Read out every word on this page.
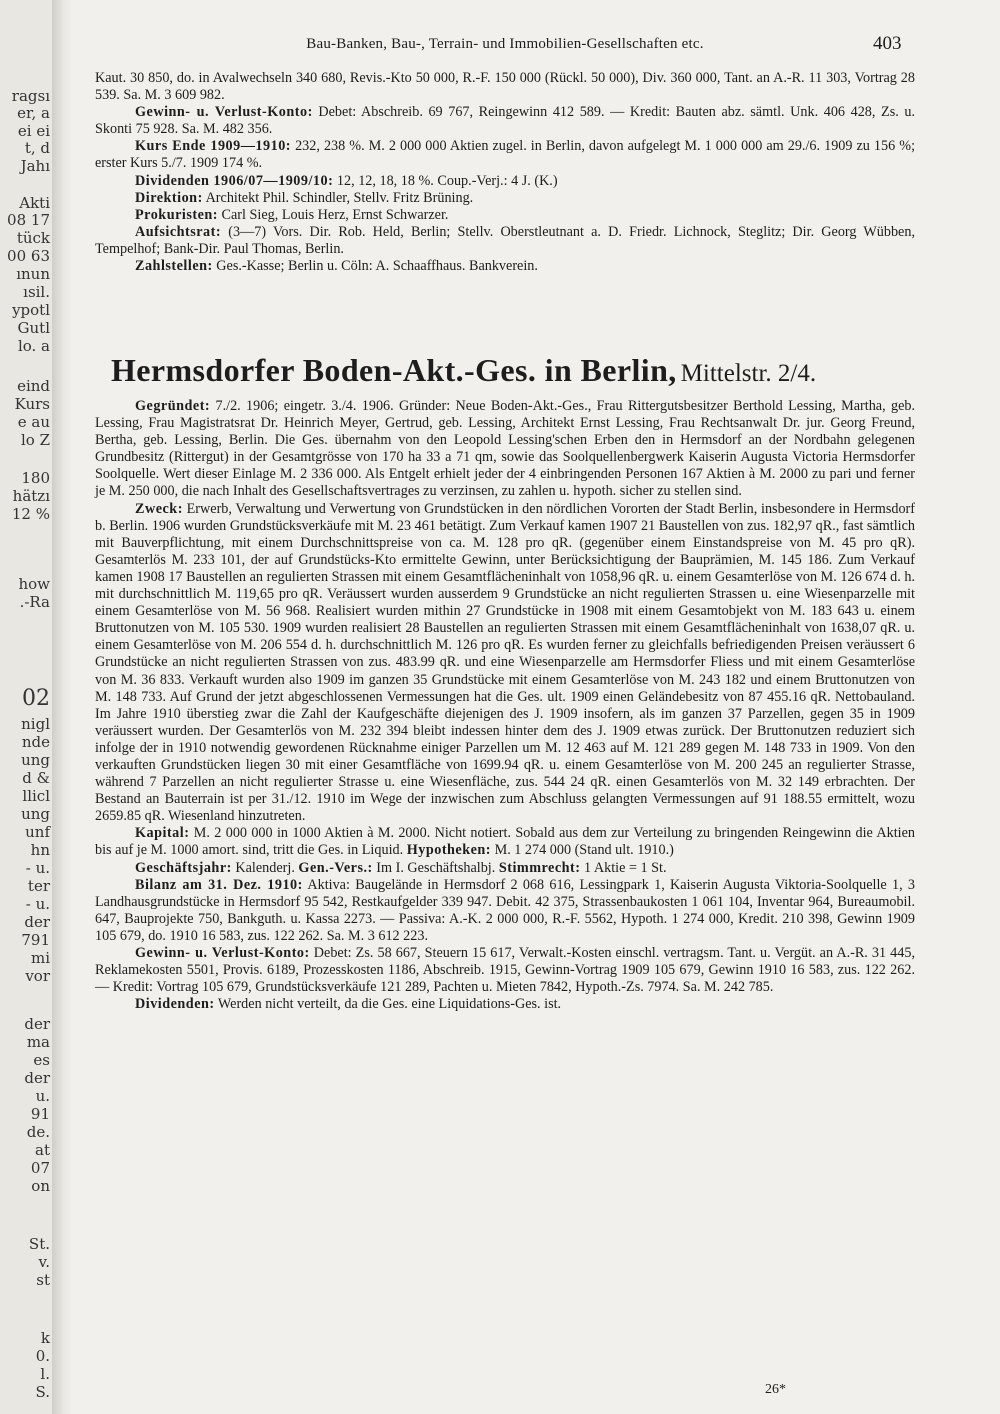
ragsı
er, a
ei ei
t, d
Jahı
Akti
08 17
tück
00 63
ınun
ısil.
ypotl
Gutl
lo. a
eind
Kurs
e au
lo Z
180
hätzı
12 %
how
.-Ra
02
nigl
nde
ung
d &
llicl
ung
unf
hn
- u.
ter
- u.
der
791
mi
vor
der
ma
es
der
u.
91
de.
at
07
on
St.
v.
st
k
0.
l.
S.
Bau-Banken, Bau-, Terrain- und Immobilien-Gesellschaften etc.	403

Kaut. 30 850, do. in Avalwechseln 340 680, Revis.-Kto 50 000, R.-F. 150 000 (Rückl. 50 000), Div. 360 000, Tant. an A.-R. 11 303, Vortrag 28 539. Sa. M. 3 609 982.

Gewinn- u. Verlust-Konto: Debet: Abschreib. 69 767, Reingewinn 412 589. — Kredit: Bauten abz. sämtl. Unk. 406 428, Zs. u. Skonti 75 928. Sa. M. 482 356.

Kurs Ende 1909—1910: 232, 238 %. M. 2 000 000 Aktien zugel. in Berlin, davon aufgelegt M. 1 000 000 am 29./6. 1909 zu 156 %; erster Kurs 5./7. 1909 174 %.

Dividenden 1906/07—1909/10: 12, 12, 18, 18 %. Coup.-Verj.: 4 J. (K.)

Direktion: Architekt Phil. Schindler, Stellv. Fritz Brüning.

Prokuristen: Carl Sieg, Louis Herz, Ernst Schwarzer.

Aufsichtsrat: (3—7) Vors. Dir. Rob. Held, Berlin; Stellv. Oberstleutnant a. D. Friedr. Lichnock, Steglitz; Dir. Georg Wübben, Tempelhof; Bank-Dir. Paul Thomas, Berlin.

Zahlstellen: Ges.-Kasse; Berlin u. Cöln: A. Schaaffhaus. Bankverein.

Hermsdorfer Boden-Akt.-Ges. in Berlin, Mittelstr. 2/4.

Gegründet: 7./2. 1906; eingetr. 3./4. 1906. Gründer: Neue Boden-Akt.-Ges., Frau Rittergutsbesitzer Berthold Lessing, Martha, geb. Lessing, Frau Magistratsrat Dr. Heinrich Meyer, Gertrud, geb. Lessing, Architekt Ernst Lessing, Frau Rechtsanwalt Dr. jur. Georg Freund, Bertha, geb. Lessing, Berlin. Die Ges. übernahm von den Leopold Lessing'schen Erben den in Hermsdorf an der Nordbahn gelegenen Grundbesitz (Rittergut) in der Gesamtgrösse von 170 ha 33 a 71 qm, sowie das Soolquellenbergwerk Kaiserin Augusta Victoria Hermsdorfer Soolquelle. Wert dieser Einlage M. 2 336 000. Als Entgelt erhielt jeder der 4 einbringenden Personen 167 Aktien à M. 2000 zu pari und ferner je M. 250 000, die nach Inhalt des Gesellschaftsvertrages zu verzinsen, zu zahlen u. hypoth. sicher zu stellen sind.

Zweck: Erwerb, Verwaltung und Verwertung von Grundstücken in den nördlichen Vororten der Stadt Berlin, insbesondere in Hermsdorf b. Berlin. 1906 wurden Grundstücksverkäufe mit M. 23 461 betätigt. Zum Verkauf kamen 1907 21 Baustellen von zus. 182,97 qR., fast sämtlich mit Bauverpflichtung, mit einem Durchschnittspreise von ca. M. 128 pro qR. (gegenüber einem Einstandspreise von M. 45 pro qR). Gesamterlös M. 233 101, der auf Grundstücks-Kto ermittelte Gewinn, unter Berücksichtigung der Bauprämien, M. 145 186. Zum Verkauf kamen 1908 17 Baustellen an regulierten Strassen mit einem Gesamtflächeninhalt von 1058,96 qR. u. einem Gesamterlöse von M. 126 674 d. h. mit durchschnittlich M. 119,65 pro qR. Veräussert wurden ausserdem 9 Grundstücke an nicht regulierten Strassen u. eine Wiesenparzelle mit einem Gesamterlöse von M. 56 968. Realisiert wurden mithin 27 Grundstücke in 1908 mit einem Gesamtobjekt von M. 183 643 u. einem Bruttonutzen von M. 105 530. 1909 wurden realisiert 28 Baustellen an regulierten Strassen mit einem Gesamtflächeninhalt von 1638,07 qR. u. einem Gesamterlöse von M. 206 554 d. h. durchschnittlich M. 126 pro qR. Es wurden ferner zu gleichfalls befriedigenden Preisen veräussert 6 Grundstücke an nicht regulierten Strassen von zus. 483.99 qR. und eine Wiesenparzelle am Hermsdorfer Fliess und mit einem Gesamterlöse von M. 36 833. Verkauft wurden also 1909 im ganzen 35 Grundstücke mit einem Gesamterlöse von M. 243 182 und einem Bruttonutzen von M. 148 733. Auf Grund der jetzt abgeschlossenen Vermessungen hat die Ges. ult. 1909 einen Geländebesitz von 87 455.16 qR. Nettobauland. Im Jahre 1910 überstieg zwar die Zahl der Kaufgeschäfte diejenigen des J. 1909 insofern, als im ganzen 37 Parzellen, gegen 35 in 1909 veräussert wurden. Der Gesamterlös von M. 232 394 bleibt indessen hinter dem des J. 1909 etwas zurück. Der Bruttonutzen reduziert sich infolge der in 1910 notwendig gewordenen Rücknahme einiger Parzellen um M. 12 463 auf M. 121 289 gegen M. 148 733 in 1909. Von den verkauften Grundstücken liegen 30 mit einer Gesamtfläche von 1699.94 qR. u. einem Gesamterlöse von M. 200 245 an regulierter Strasse, während 7 Parzellen an nicht regulierter Strasse u. eine Wiesenfläche, zus. 544 24 qR. einen Gesamterlös von M. 32 149 erbrachten. Der Bestand an Bauterrain ist per 31./12. 1910 im Wege der inzwischen zum Abschluss gelangten Vermessungen auf 91 188.55 ermittelt, wozu 2659.85 qR. Wiesenland hinzutreten.

Kapital: M. 2 000 000 in 1000 Aktien à M. 2000. Nicht notiert. Sobald aus dem zur Verteilung zu bringenden Reingewinn die Aktien bis auf je M. 1000 amort. sind, tritt die Ges. in Liquid. Hypotheken: M. 1 274 000 (Stand ult. 1910.)

Geschäftsjahr: Kalenderj. Gen.-Vers.: Im I. Geschäftshalbj. Stimmrecht: 1 Aktie = 1 St.

Bilanz am 31. Dez. 1910: Aktiva: Baugelände in Hermsdorf 2 068 616, Lessingpark 1, Kaiserin Augusta Viktoria-Soolquelle 1, 3 Landhausgrundstücke in Hermsdorf 95 542, Restkaufgelder 339 947. Debit. 42 375, Strassenbaukosten 1 061 104, Inventar 964, Bureaumobil. 647, Bauprojekte 750, Bankguth. u. Kassa 2273. — Passiva: A.-K. 2 000 000, R.-F. 5562, Hypoth. 1 274 000, Kredit. 210 398, Gewinn 1909 105 679, do. 1910 16 583, zus. 122 262. Sa. M. 3 612 223.

Gewinn- u. Verlust-Konto: Debet: Zs. 58 667, Steuern 15 617, Verwalt.-Kosten einschl. vertragsm. Tant. u. Vergüt. an A.-R. 31 445, Reklamekosten 5501, Provis. 6189, Prozesskosten 1186, Abschreib. 1915, Gewinn-Vortrag 1909 105 679, Gewinn 1910 16 583, zus. 122 262. — Kredit: Vortrag 105 679, Grundstücksverkäufe 121 289, Pachten u. Mieten 7842, Hypoth.-Zs. 7974. Sa. M. 242 785.

Dividenden: Werden nicht verteilt, da die Ges. eine Liquidations-Ges. ist.

26*
